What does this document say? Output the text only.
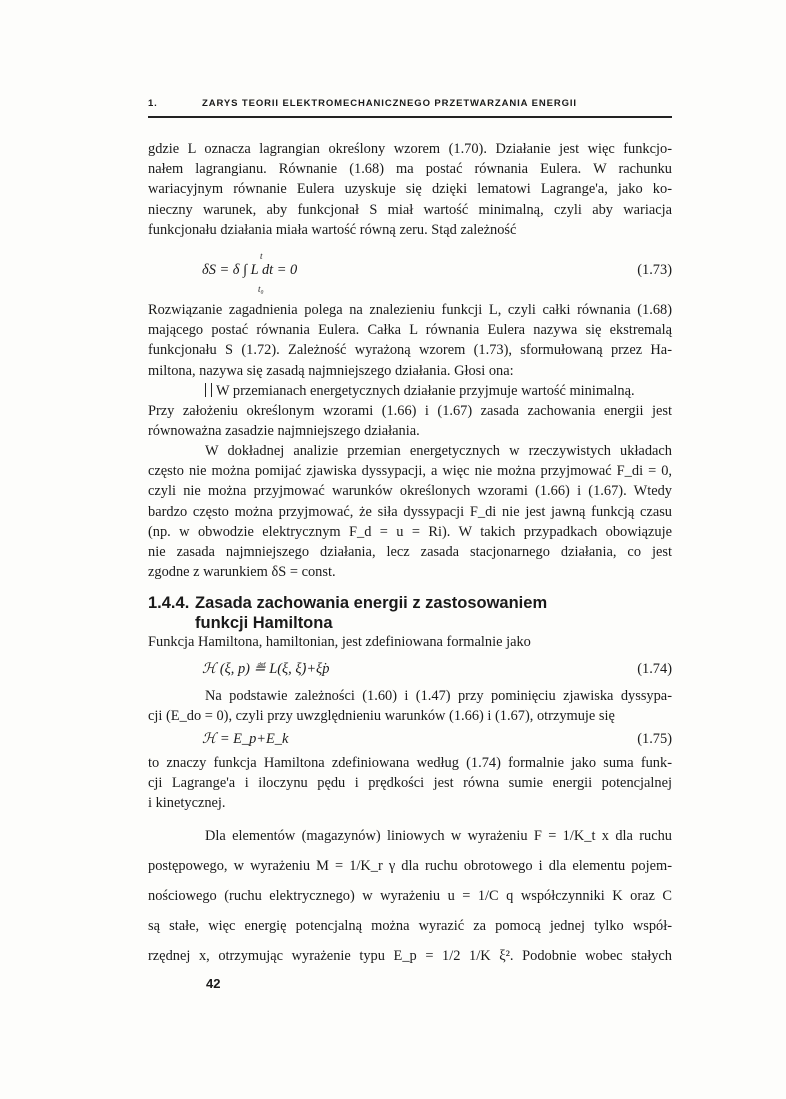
1.	ZARYS TEORII ELEKTROMECHANICZNEGO PRZETWARZANIA ENERGII
gdzie L oznacza lagrangian określony wzorem (1.70). Działanie jest więc funkcjo-
nałem lagrangianu. Równanie (1.68) ma postać równania Eulera. W rachunku
wariacyjnym równanie Eulera uzyskuje się dzięki lematowi Lagrange'a, jako ko-
nieczny warunek, aby funkcjonał S miał wartość minimalną, czyli aby wariacja
funkcjonału działania miała wartość równą zeru. Stąd zależność
δS = δ ∫ L dt = 0
t
t₀
(1.73)
Rozwiązanie zagadnienia polega na znalezieniu funkcji L, czyli całki równania (1.68)
mającego postać równania Eulera. Całka L równania Eulera nazywa się ekstremalą
funkcjonału S (1.72). Zależność wyrażoną wzorem (1.73), sformułowaną przez Ha-
miltona, nazywa się zasadą najmniejszego działania. Głosi ona:
W przemianach energetycznych działanie przyjmuje wartość minimalną.
Przy założeniu określonym wzorami (1.66) i (1.67) zasada zachowania energii jest
równoważna zasadzie najmniejszego działania.
W dokładnej analizie przemian energetycznych w rzeczywistych układach
często nie można pomijać zjawiska dyssypacji, a więc nie można przyjmować F_di = 0,
czyli nie można przyjmować warunków określonych wzorami (1.66) i (1.67). Wtedy
bardzo często można przyjmować, że siła dyssypacji F_di nie jest jawną funkcją czasu
(np. w obwodzie elektrycznym F_d = u = Ri). W takich przypadkach obowiązuje
nie zasada najmniejszego działania, lecz zasada stacjonarnego działania, co jest
zgodne z warunkiem δS = const.
1.4.4. Zasada zachowania energii z zastosowaniem
funkcji Hamiltona
Funkcja Hamiltona, hamiltonian, jest zdefiniowana formalnie jako
ℋ (ξ, p) ≝ L(ξ, ξ̇)+ξ̇p	(1.74)
Na podstawie zależności (1.60) i (1.47) przy pominięciu zjawiska dyssypa-
cji (E_do = 0), czyli przy uwzględnieniu warunków (1.66) i (1.67), otrzymuje się
ℋ = E_p+E_k	(1.75)
to znaczy funkcja Hamiltona zdefiniowana według (1.74) formalnie jako suma funk-
cji Lagrange'a i iloczynu pędu i prędkości jest równa sumie energii potencjalnej
i kinetycznej.
Dla elementów (magazynów) liniowych w wyrażeniu F = 1/K_t x dla ruchu
postępowego, w wyrażeniu M = 1/K_r γ dla ruchu obrotowego i dla elementu pojem-
nościowego (ruchu elektrycznego) w wyrażeniu u = 1/C q współczynniki K oraz C
są stałe, więc energię potencjalną można wyrazić za pomocą jednej tylko współ-
rzędnej x, otrzymując wyrażenie typu E_p = 1/2 1/K ξ². Podobnie wobec stałych
42
